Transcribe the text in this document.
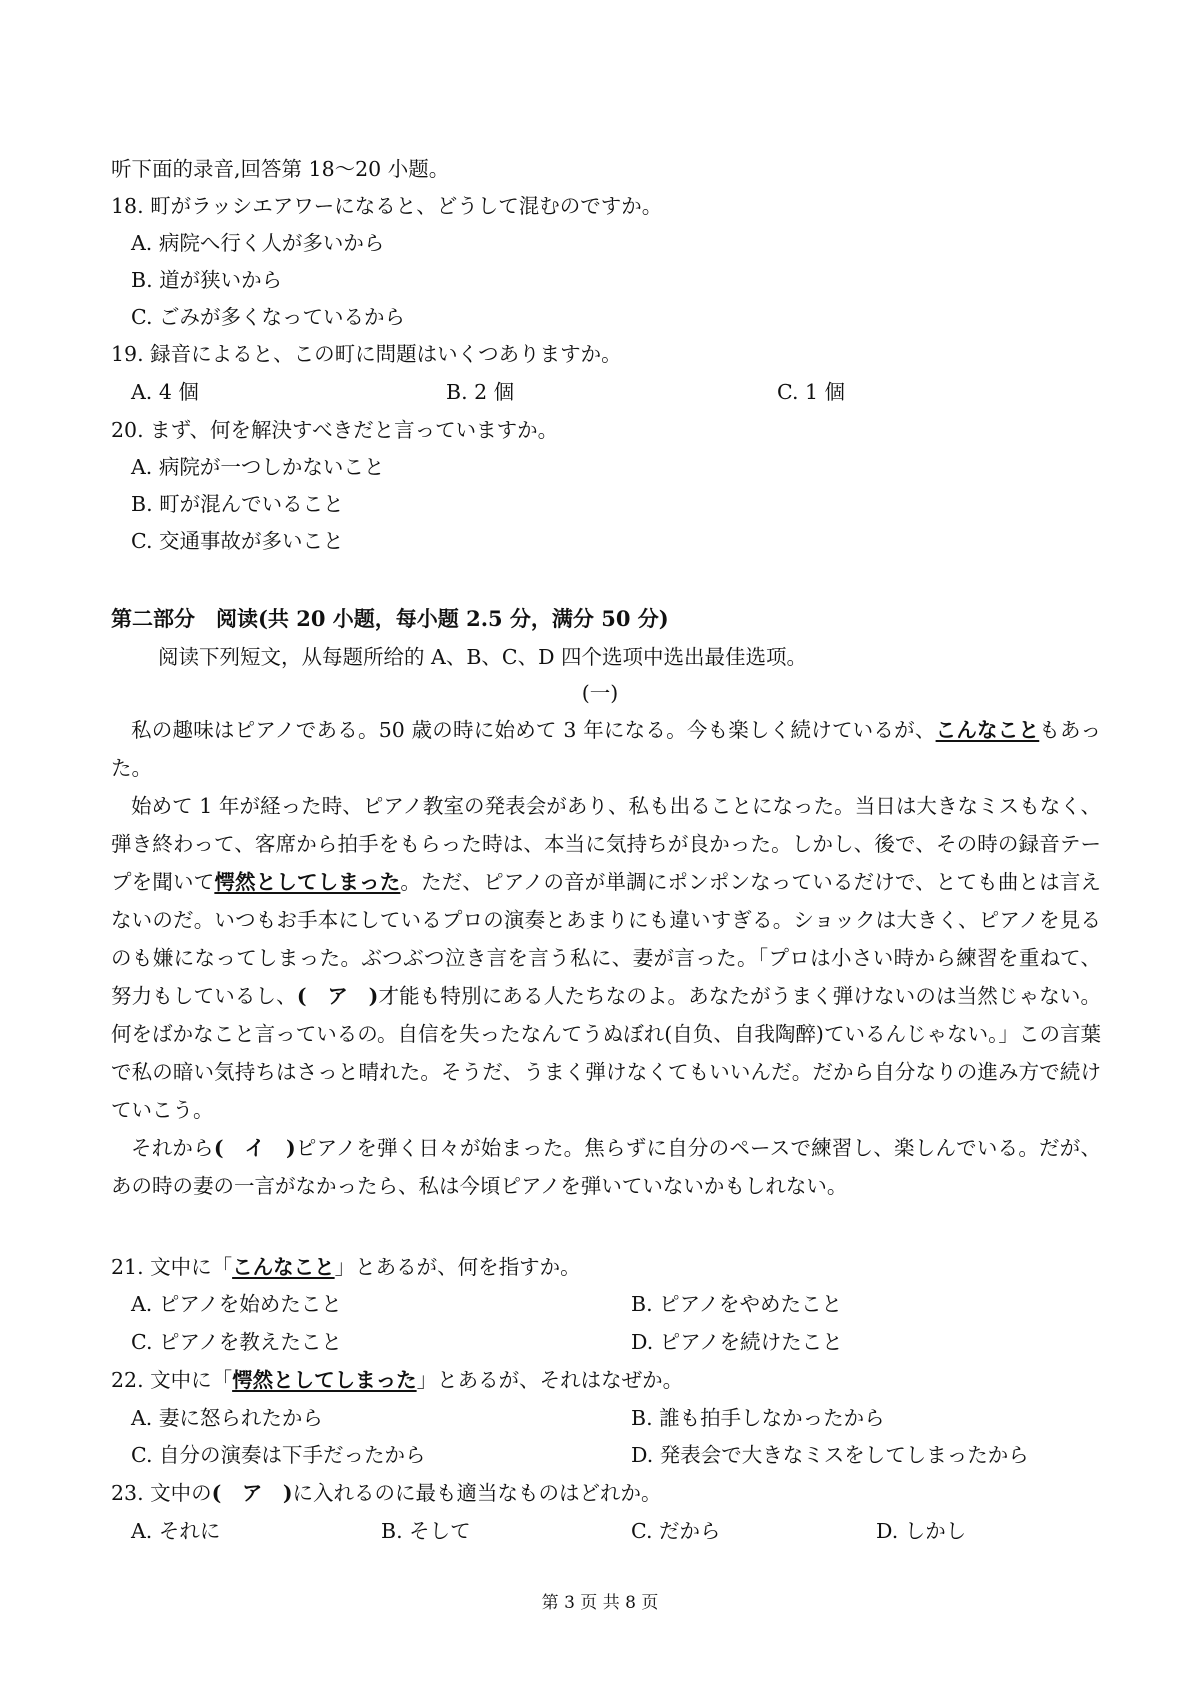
听下面的录音,回答第 18～20 小题。
18. 町がラッシエアワーになると、どうして混むのですか。
A. 病院へ行く人が多いから
B. 道が狭いから
C. ごみが多くなっているから
19. 録音によると、この町に問題はいくつありますか。
A. 4 個	B. 2 個	C. 1 個
20. まず、何を解決すべきだと言っていますか。
A. 病院が一つしかないこと
B. 町が混んでいること
C. 交通事故が多いこと
第二部分　阅读(共 20 小题，每小题 2.5 分，满分 50 分)
阅读下列短文，从每题所给的 A、B、C、D 四个选项中选出最佳选项。
(一)

私の趣味はピアノである。50 歳の時に始めて 3 年になる。今も楽しく続けているが、こんなこともあった。

始めて 1 年が経った時、ピアノ教室の発表会があり、私も出ることになった。当日は大きなミスもなく、弾き終わって、客席から拍手をもらった時は、本当に気持ちが良かった。しかし、後で、その時の録音テープを聞いて愕然としてしまった。ただ、ピアノの音が単調にポンポンなっているだけで、とても曲とは言えないのだ。いつもお手本にしているプロの演奏とあまりにも違いすぎる。ショックは大きく、ピアノを見るのも嫌になってしまった。ぶつぶつ泣き言を言う私に、妻が言った。「プロは小さい時から練習を重ねて、努力もしているし、(　ア　)才能も特別にある人たちなのよ。あなたがうまく弾けないのは当然じゃない。何をばかなこと言っているの。自信を失ったなんてうぬぼれ(自负、自我陶醉)ているんじゃない。」この言葉で私の暗い気持ちはさっと晴れた。そうだ、うまく弾けなくてもいいんだ。だから自分なりの進み方で続けていこう。

それから(　イ　)ピアノを弾く日々が始まった。焦らずに自分のペースで練習し、楽しんでいる。だが、あの時の妻の一言がなかったら、私は今頃ピアノを弾いていないかもしれない。

21. 文中に「こんなこと」とあるが、何を指すか。
A. ピアノを始めたこと	B. ピアノをやめたこと
C. ピアノを教えたこと	D. ピアノを続けたこと
22. 文中に「愕然としてしまった」とあるが、それはなぜか。
A. 妻に怒られたから	B. 誰も拍手しなかったから
C. 自分の演奏は下手だったから	D. 発表会で大きなミスをしてしまったから
23. 文中の(　ア　)に入れるのに最も適当なものはどれか。
A. それに	B. そして	C. だから	D. しかし
第 3 页 共 8 页
